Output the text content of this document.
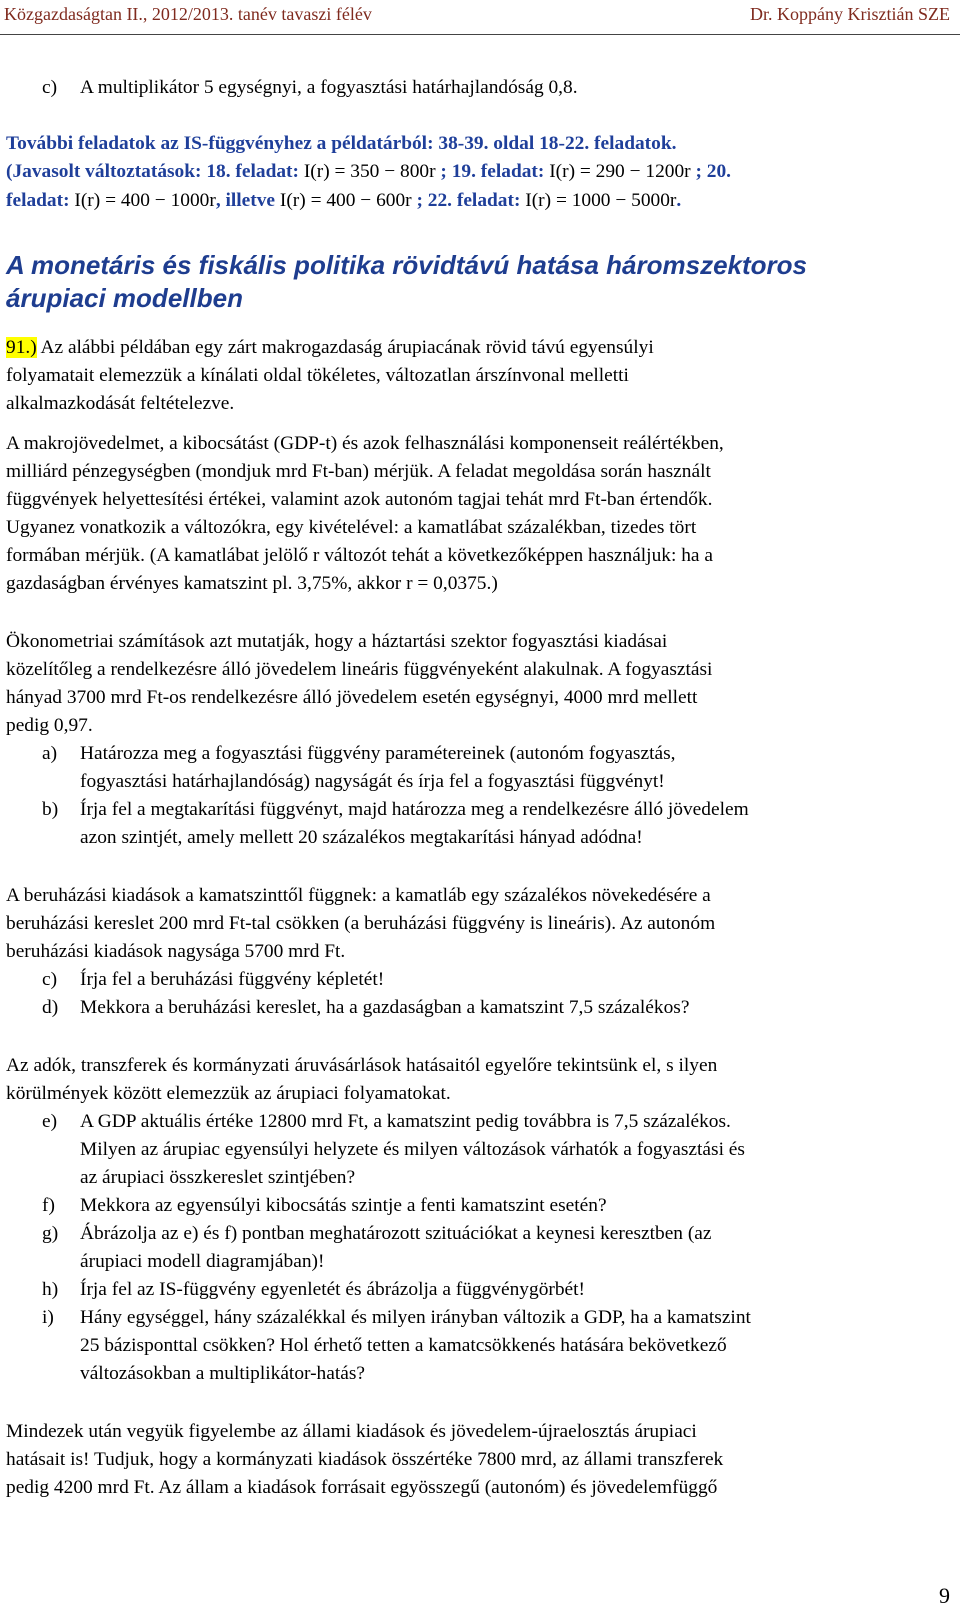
Közgazdaságtan II., 2012/2013. tanév tavaszi félév	Dr. Koppány Krisztián SZE
c) A multiplikátor 5 egységnyi, a fogyasztási határhajlandóság 0,8.
További feladatok az IS-függvényhez a példatárból: 38-39. oldal 18-22. feladatok.
(Javasolt változtatások: 18. feladat: I(r) = 350 − 800r ; 19. feladat: I(r) = 290 − 1200r ; 20.
feladat: I(r) = 400 − 1000r, illetve I(r) = 400 − 600r ; 22. feladat: I(r) = 1000 − 5000r.
A monetáris és fiskális politika rövidtávú hatása háromszektoros
árupiaci modellben
91.) Az alábbi példában egy zárt makrogazdaság árupiacának rövid távú egyensúlyi
folyamatait elemezzük a kínálati oldal tökéletes, változatlan árszínvonal melletti
alkalmazkodását feltételezve.
A makrojövedelmet, a kibocsátást (GDP-t) és azok felhasználási komponenseit reálértékben,
milliárd pénzegységben (mondjuk mrd Ft-ban) mérjük. A feladat megoldása során használt
függvények helyettesítési értékei, valamint azok autonóm tagjai tehát mrd Ft-ban értendők.
Ugyanez vonatkozik a változókra, egy kivételével: a kamatlábat százalékban, tizedes tört
formában mérjük. (A kamatlábat jelölő r változót tehát a következőképpen használjuk: ha a
gazdaságban érvényes kamatszint pl. 3,75%, akkor r = 0,0375.)
Ökonometriai számítások azt mutatják, hogy a háztartási szektor fogyasztási kiadásai
közelítőleg a rendelkezésre álló jövedelem lineáris függvényeként alakulnak. A fogyasztási
hányad 3700 mrd Ft-os rendelkezésre álló jövedelem esetén egységnyi, 4000 mrd mellett
pedig 0,97.
a) Határozza meg a fogyasztási függvény paramétereinek (autonóm fogyasztás,
fogyasztási határhajlandóság) nagyságát és írja fel a fogyasztási függvényt!
b) Írja fel a megtakarítási függvényt, majd határozza meg a rendelkezésre álló jövedelem
azon szintjét, amely mellett 20 százalékos megtakarítási hányad adódna!
A beruházási kiadások a kamatszinttől függnek: a kamatláb egy százalékos növekedésére a
beruházási kereslet 200 mrd Ft-tal csökken (a beruházási függvény is lineáris). Az autonóm
beruházási kiadások nagysága 5700 mrd Ft.
c) Írja fel a beruházási függvény képletét!
d) Mekkora a beruházási kereslet, ha a gazdaságban a kamatszint 7,5 százalékos?
Az adók, transzferek és kormányzati áruvásárlások hatásaitól egyelőre tekintsünk el, s ilyen
körülmények között elemezzük az árupiaci folyamatokat.
e) A GDP aktuális értéke 12800 mrd Ft, a kamatszint pedig továbbra is 7,5 százalékos.
Milyen az árupiac egyensúlyi helyzete és milyen változások várhatók a fogyasztási és
az árupiaci összkereslet szintjében?
f) Mekkora az egyensúlyi kibocsátás szintje a fenti kamatszint esetén?
g) Ábrázolja az e) és f) pontban meghatározott szituációkat a keynesi keresztben (az
árupiaci modell diagramjában)!
h) Írja fel az IS-függvény egyenletét és ábrázolja a függvénygörbét!
i) Hány egységgel, hány százalékkal és milyen irányban változik a GDP, ha a kamatszint
25 bázisponttal csökken? Hol érhető tetten a kamatcsökkenés hatására bekövetkező
változásokban a multiplikátor-hatás?
Mindezek után vegyük figyelembe az állami kiadások és jövedelem-újraelosztás árupiaci
hatásait is! Tudjuk, hogy a kormányzati kiadások összértéke 7800 mrd, az állami transzferek
pedig 4200 mrd Ft. Az állam a kiadások forrásait egyösszegű (autonóm) és jövedelemfüggő
9
